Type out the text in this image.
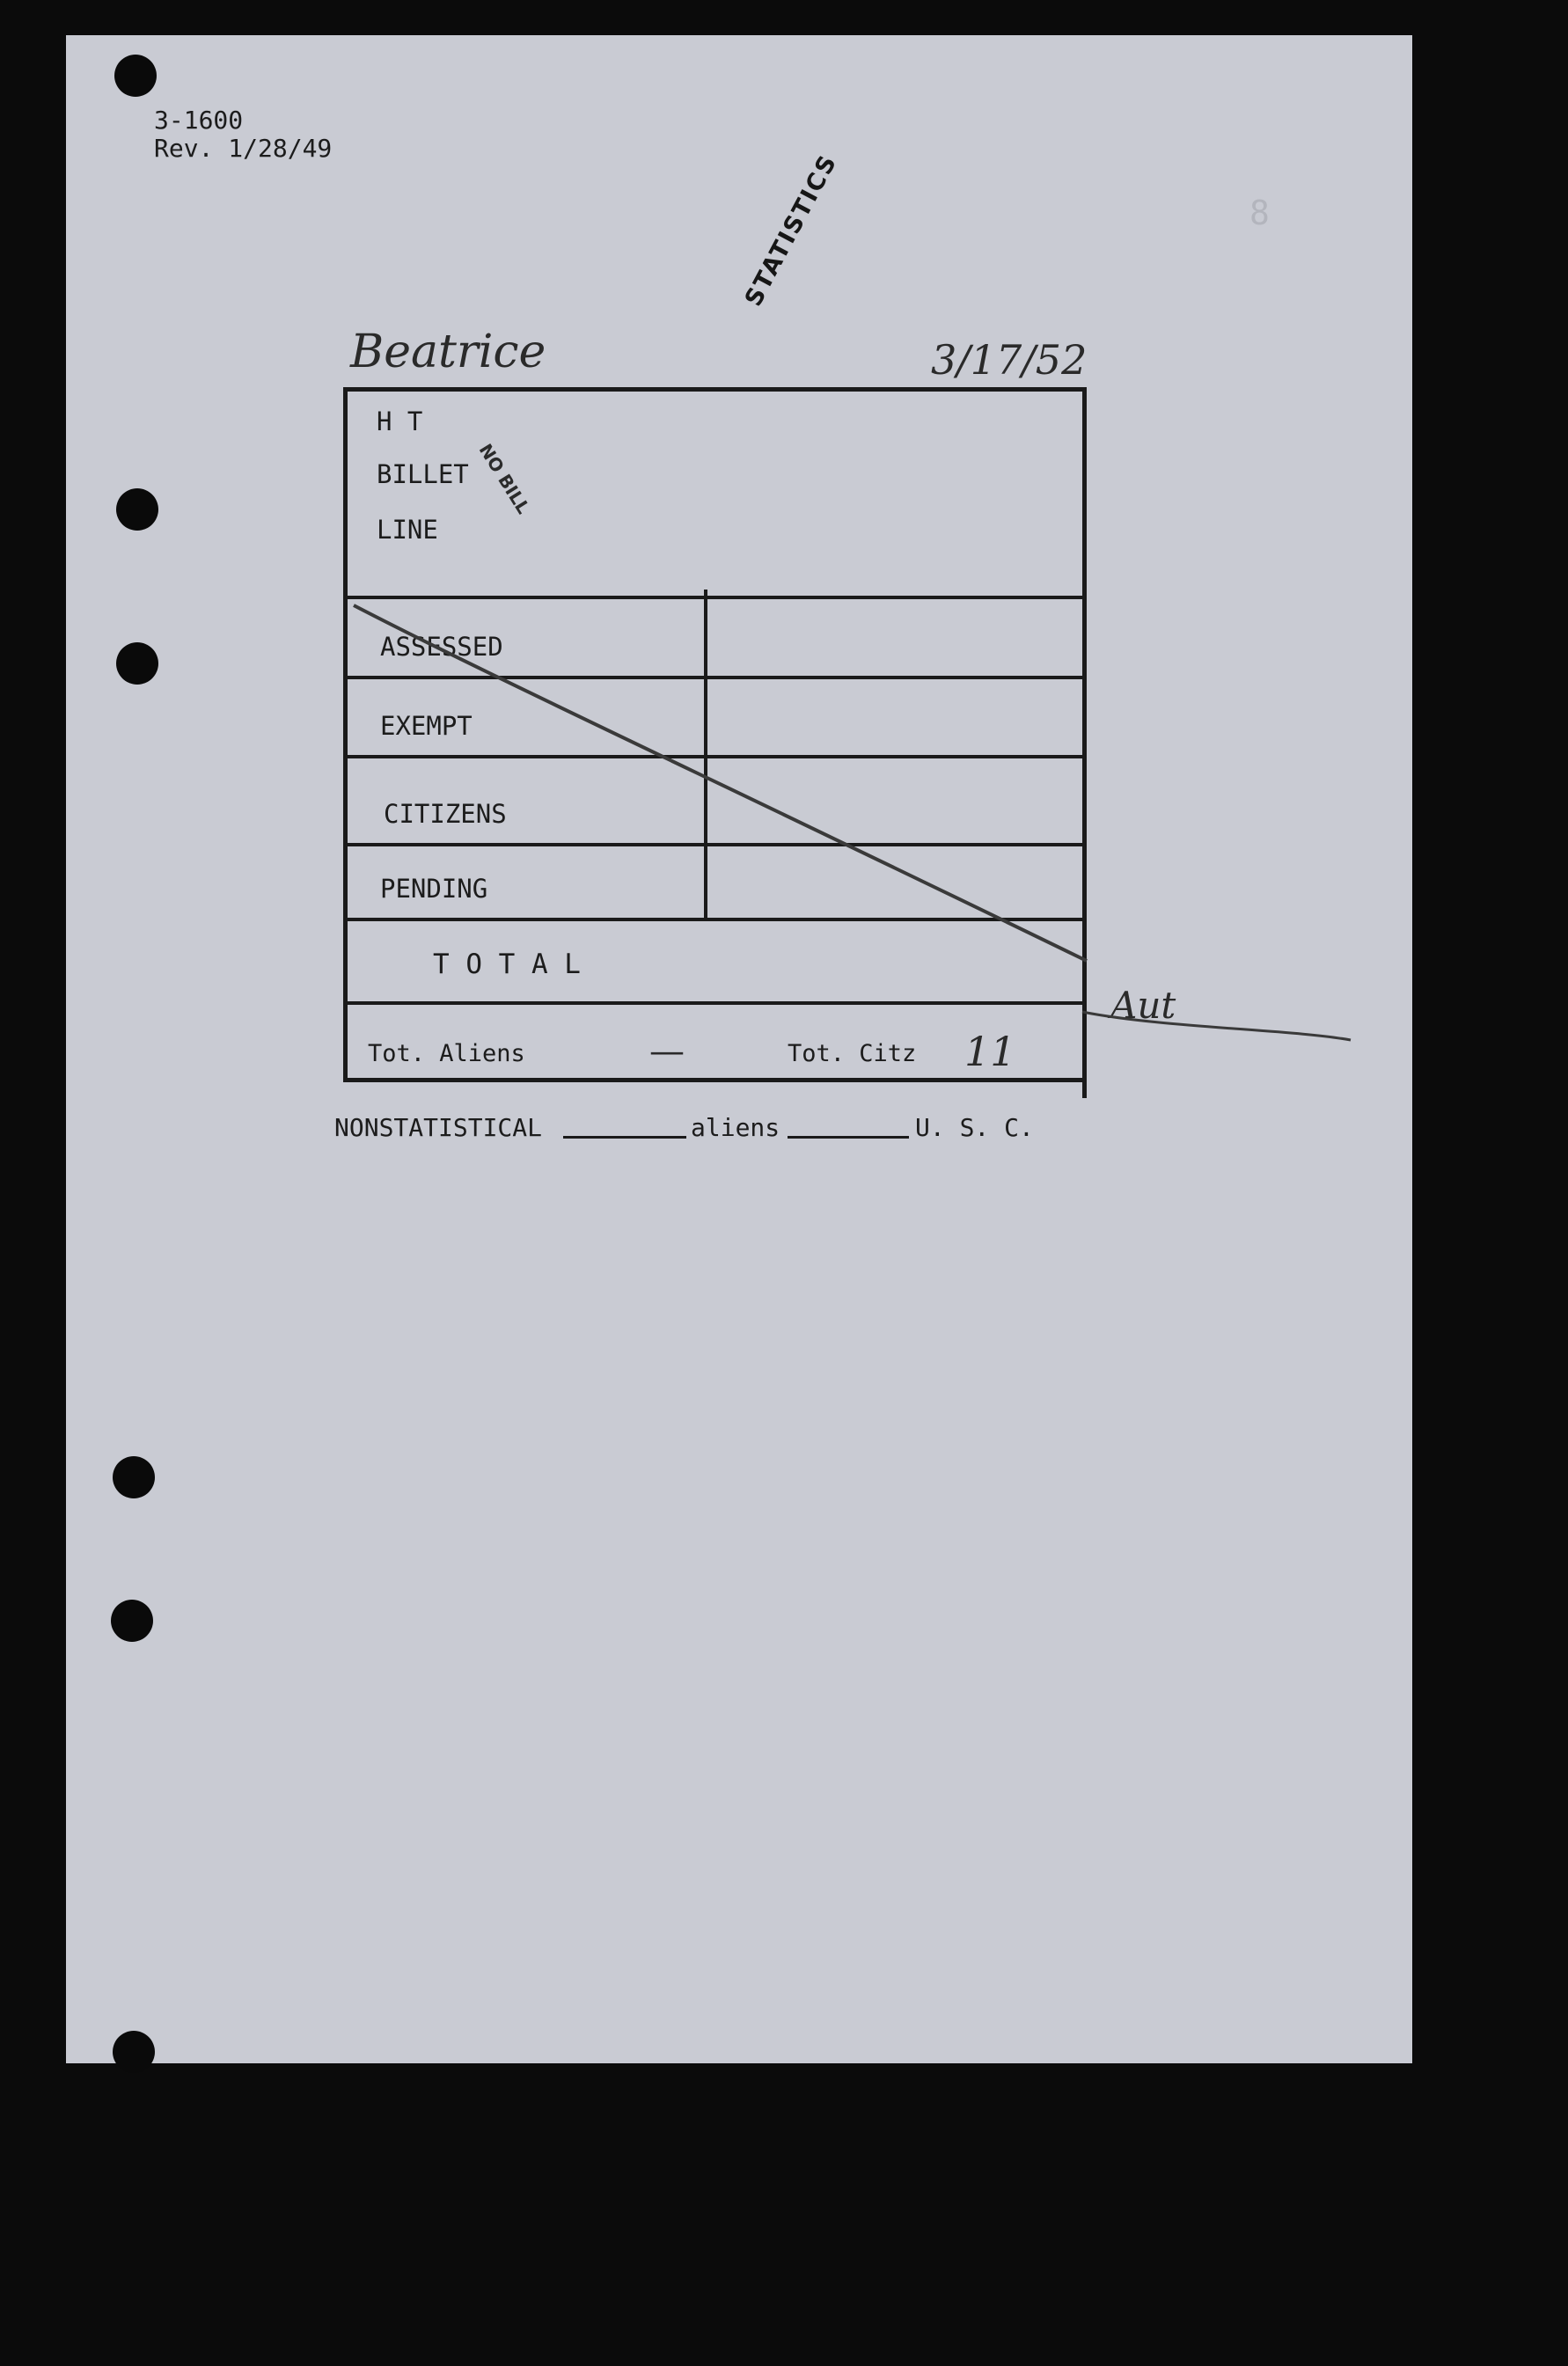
3-1600
Rev. 1/28/49
8
STATISTICS
Beatrice	3/17/52
H T
BILLET
LINE
NO BILL
ASSESSED
EXEMPT
CITIZENS
PENDING
T O T A L
Tot. Aliens	—	Tot. Citz 11
Aut
NONSTATISTICAL	aliens	U. S. C.
